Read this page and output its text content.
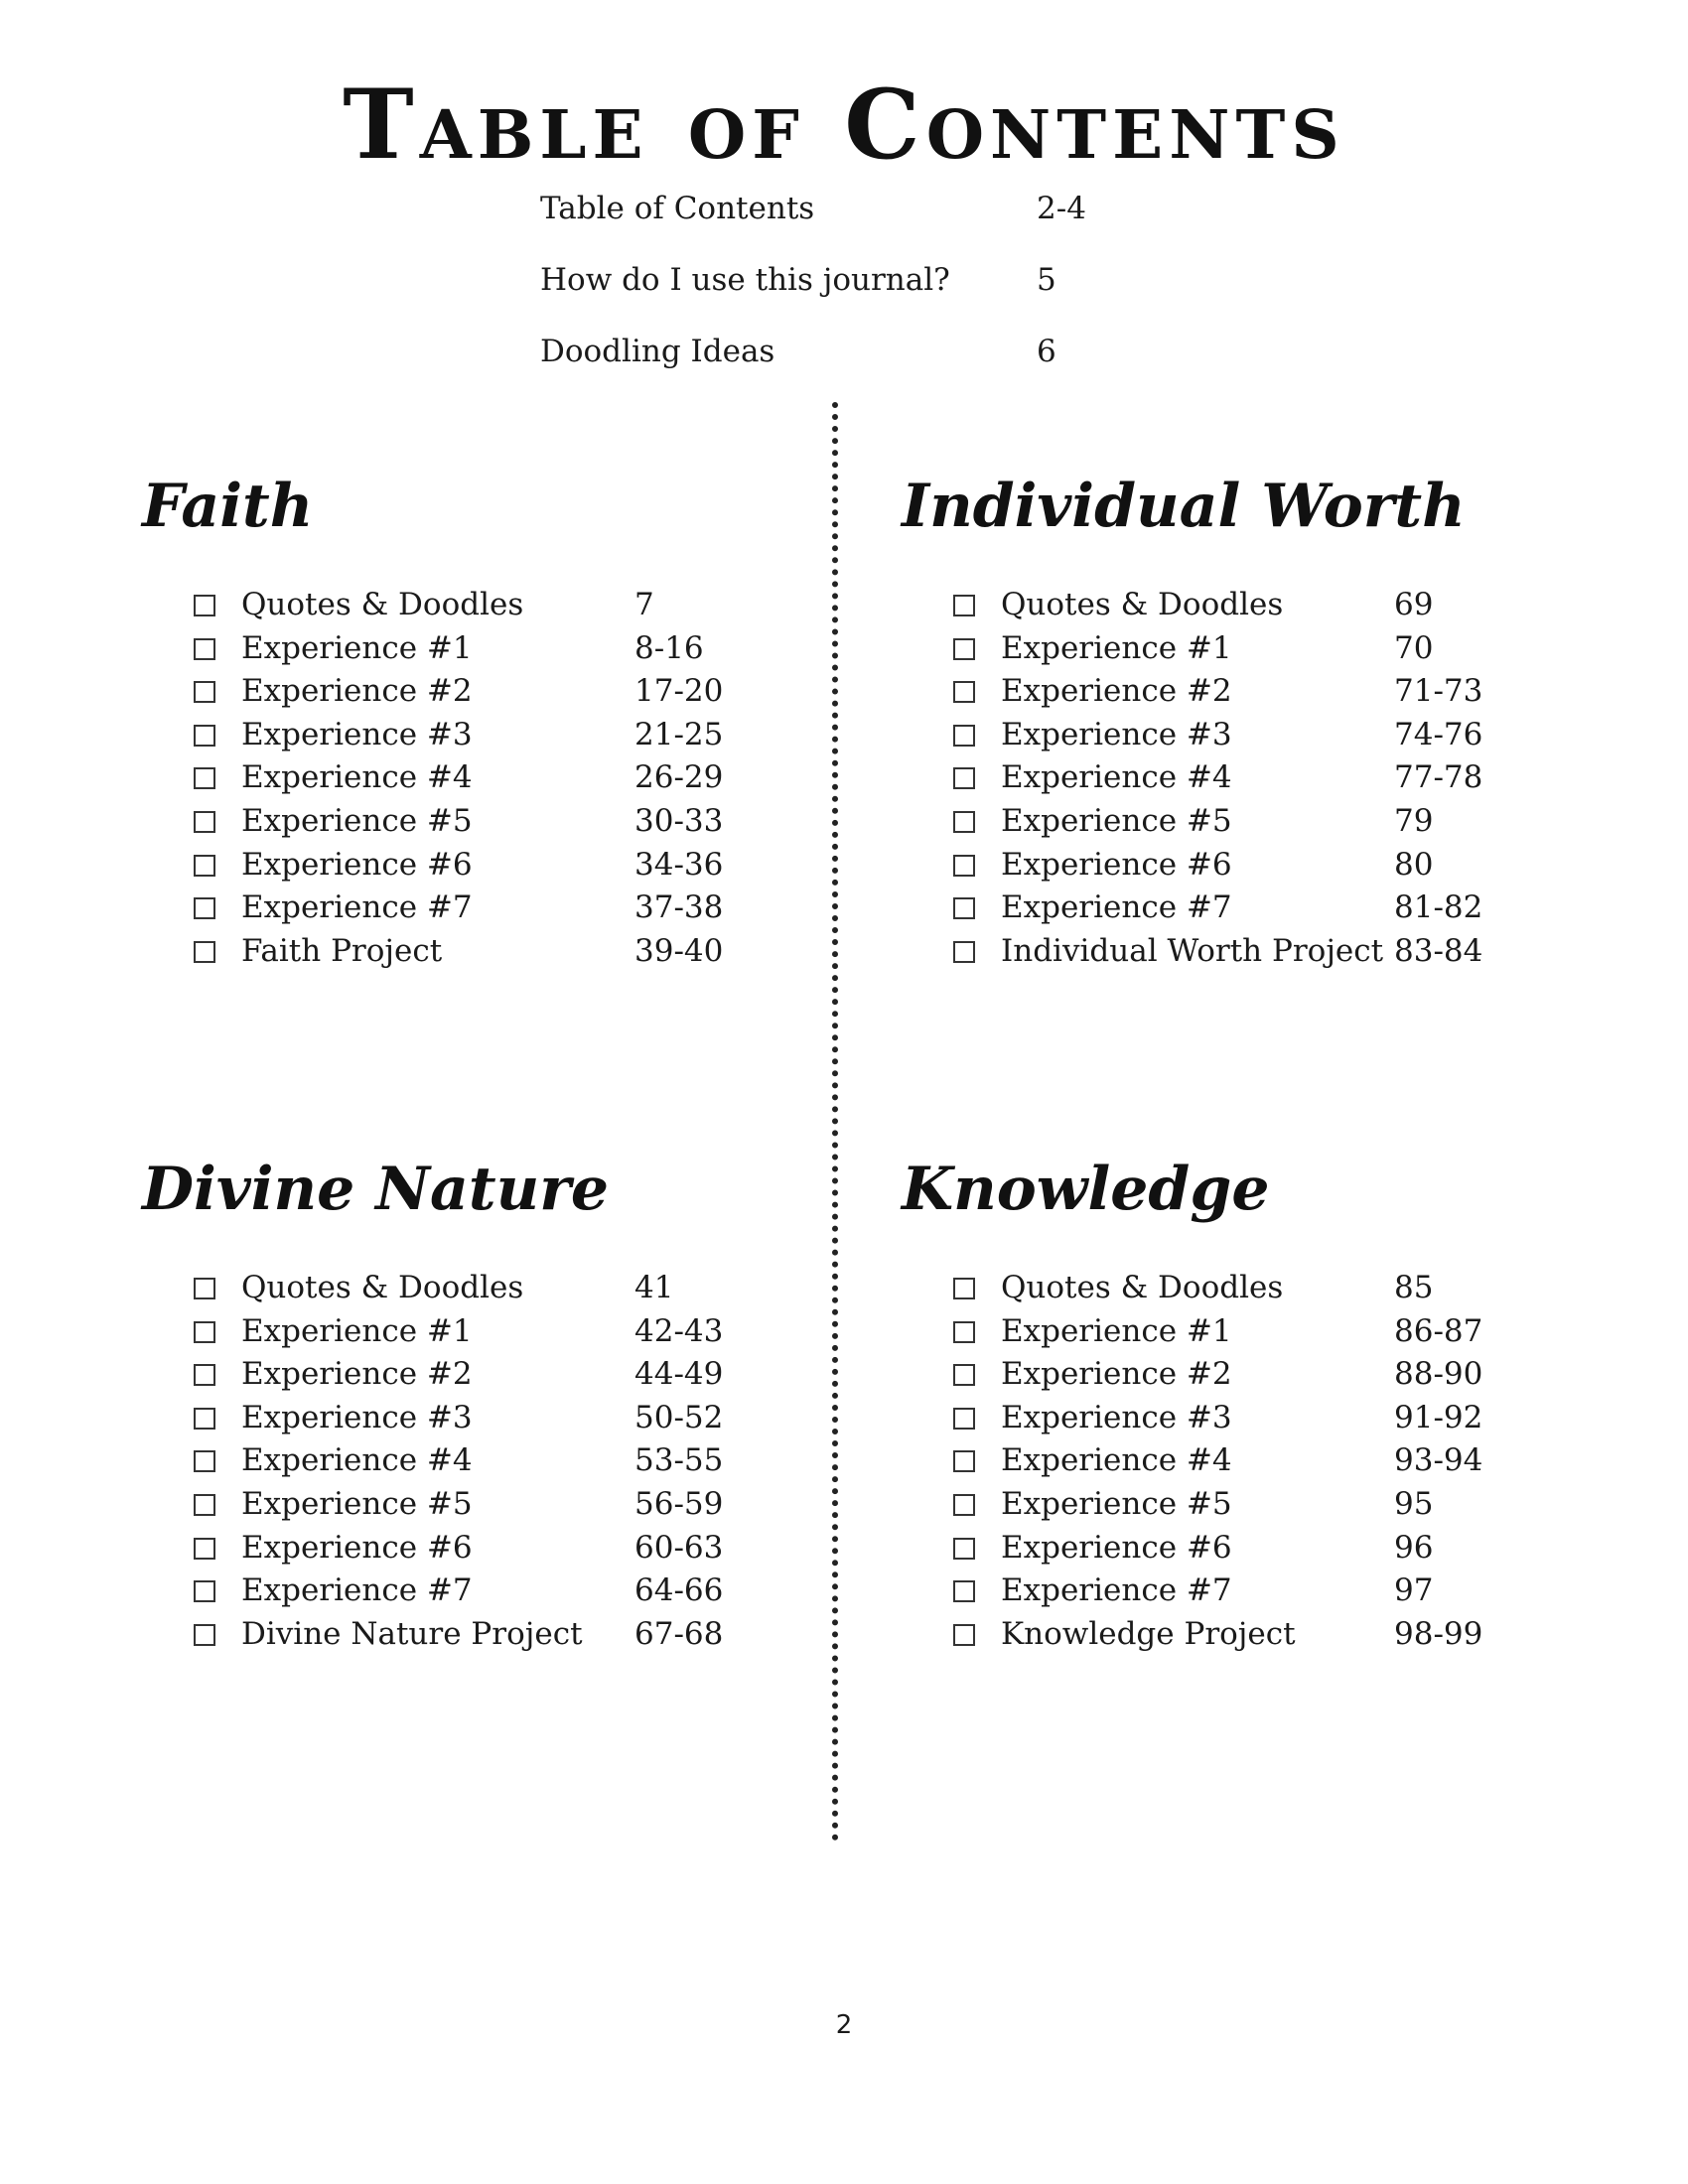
Table of Contents
Table of Contents	2-4
How do I use this journal?	5
Doodling Ideas	6
Faith
Quotes & Doodles	7
Experience #1	8-16
Experience #2	17-20
Experience #3	21-25
Experience #4	26-29
Experience #5	30-33
Experience #6	34-36
Experience #7	37-38
Faith Project	39-40
Individual Worth
Quotes & Doodles	69
Experience #1	70
Experience #2	71-73
Experience #3	74-76
Experience #4	77-78
Experience #5	79
Experience #6	80
Experience #7	81-82
Individual Worth Project 83-84
Divine Nature
Quotes & Doodles	41
Experience #1	42-43
Experience #2	44-49
Experience #3	50-52
Experience #4	53-55
Experience #5	56-59
Experience #6	60-63
Experience #7	64-66
Divine Nature Project 67-68
Knowledge
Quotes & Doodles	85
Experience #1	86-87
Experience #2	88-90
Experience #3	91-92
Experience #4	93-94
Experience #5	95
Experience #6	96
Experience #7	97
Knowledge Project	98-99
2
